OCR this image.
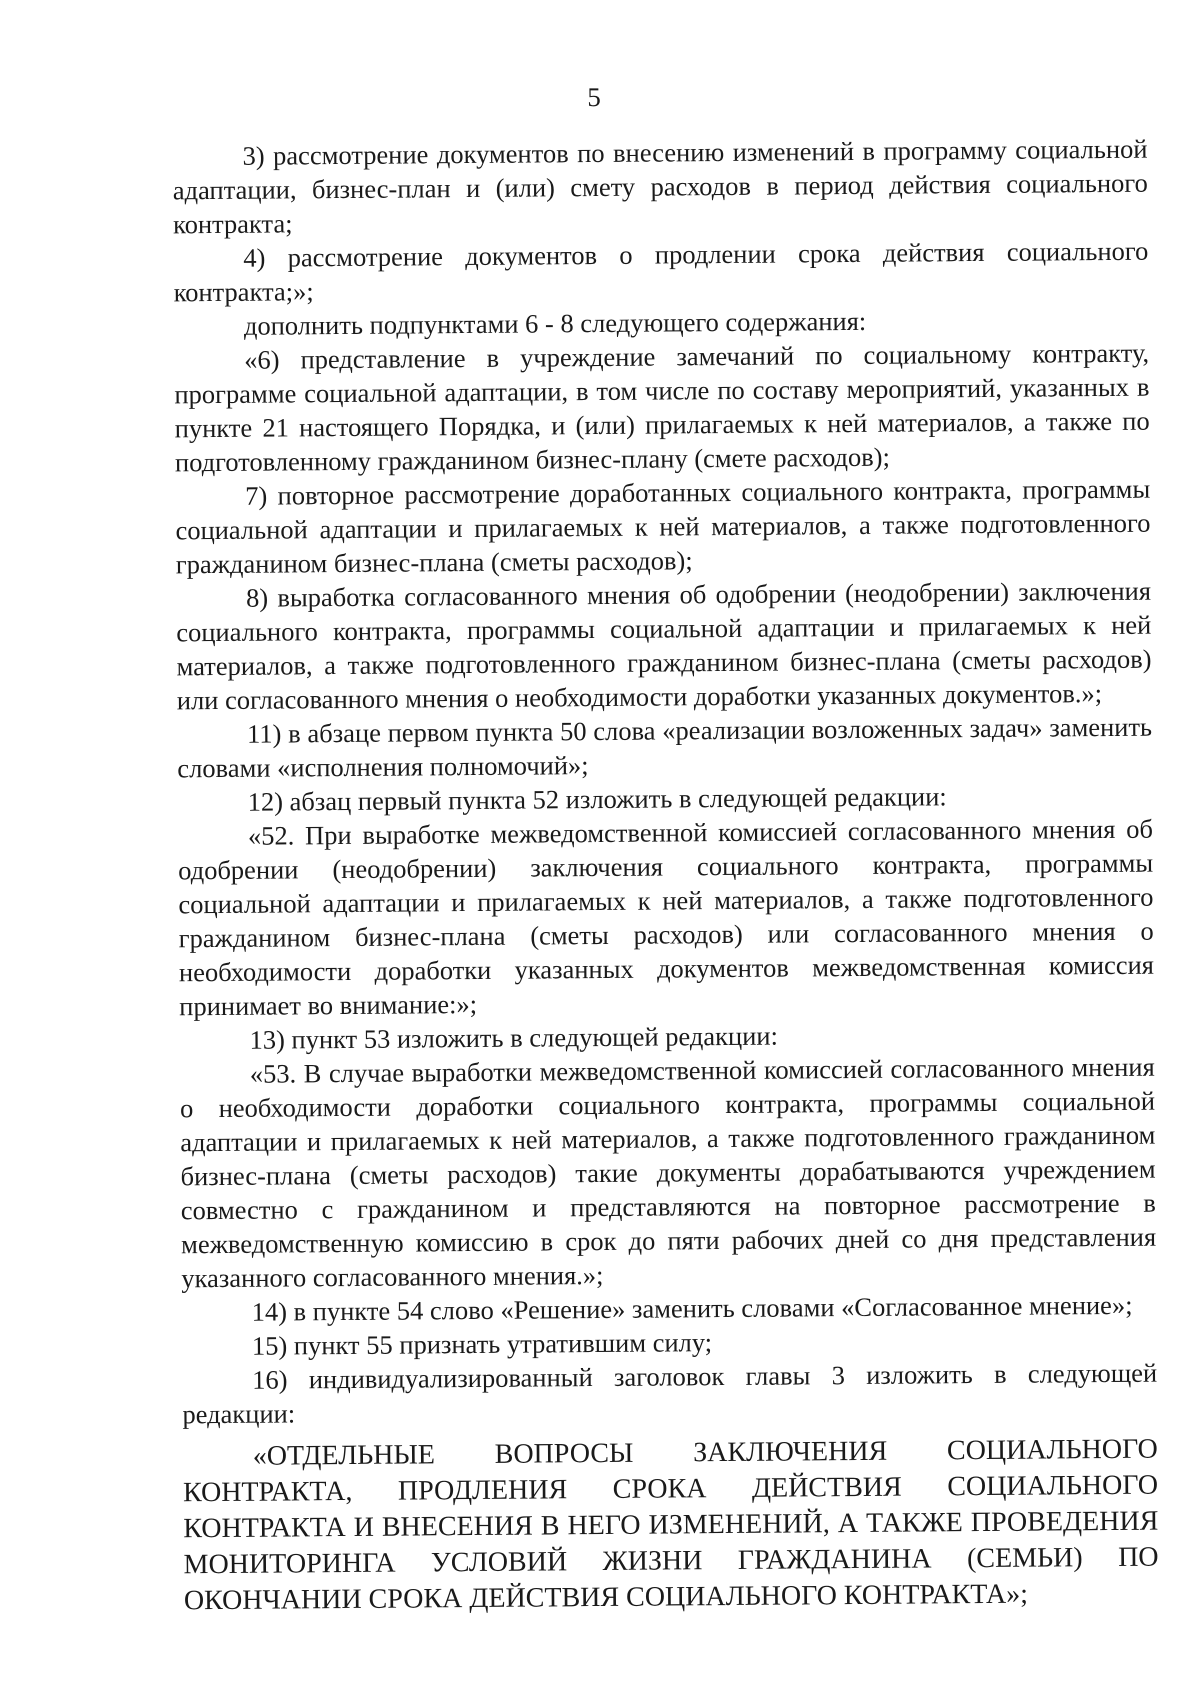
5

3) рассмотрение документов по внесению изменений в программу социальной адаптации, бизнес-план и (или) смету расходов в период действия социального контракта;

4) рассмотрение документов о продлении срока действия социального контракта;»;

дополнить подпунктами 6 - 8 следующего содержания:

«6) представление в учреждение замечаний по социальному контракту, программе социальной адаптации, в том числе по составу мероприятий, указанных в пункте 21 настоящего Порядка, и (или) прилагаемых к ней материалов, а также по подготовленному гражданином бизнес-плану (смете расходов);

7) повторное рассмотрение доработанных социального контракта, программы социальной адаптации и прилагаемых к ней материалов, а также подготовленного гражданином бизнес-плана (сметы расходов);

8) выработка согласованного мнения об одобрении (неодобрении) заключения социального контракта, программы социальной адаптации и прилагаемых к ней материалов, а также подготовленного гражданином бизнес-плана (сметы расходов) или согласованного мнения о необходимости доработки указанных документов.»;

11) в абзаце первом пункта 50 слова «реализации возложенных задач» заменить словами «исполнения полномочий»;

12) абзац первый пункта 52 изложить в следующей редакции:

«52. При выработке межведомственной комиссией согласованного мнения об одобрении (неодобрении) заключения социального контракта, программы социальной адаптации и прилагаемых к ней материалов, а также подготовленного гражданином бизнес-плана (сметы расходов) или согласованного мнения о необходимости доработки указанных документов межведомственная комиссия принимает во внимание:»;

13) пункт 53 изложить в следующей редакции:

«53. В случае выработки межведомственной комиссией согласованного мнения о необходимости доработки социального контракта, программы социальной адаптации и прилагаемых к ней материалов, а также подготовленного гражданином бизнес-плана (сметы расходов) такие документы дорабатываются учреждением совместно с гражданином и представляются на повторное рассмотрение в межведомственную комиссию в срок до пяти рабочих дней со дня представления указанного согласованного мнения.»;

14) в пункте 54 слово «Решение» заменить словами «Согласованное мнение»;

15) пункт 55 признать утратившим силу;

16) индивидуализированный заголовок главы 3 изложить в следующей редакции:

«ОТДЕЛЬНЫЕ ВОПРОСЫ ЗАКЛЮЧЕНИЯ СОЦИАЛЬНОГО КОНТРАКТА, ПРОДЛЕНИЯ СРОКА ДЕЙСТВИЯ СОЦИАЛЬНОГО КОНТРАКТА И ВНЕСЕНИЯ В НЕГО ИЗМЕНЕНИЙ, А ТАКЖЕ ПРОВЕДЕНИЯ МОНИТОРИНГА УСЛОВИЙ ЖИЗНИ ГРАЖДАНИНА (СЕМЬИ) ПО ОКОНЧАНИИ СРОКА ДЕЙСТВИЯ СОЦИАЛЬНОГО КОНТРАКТА»;
